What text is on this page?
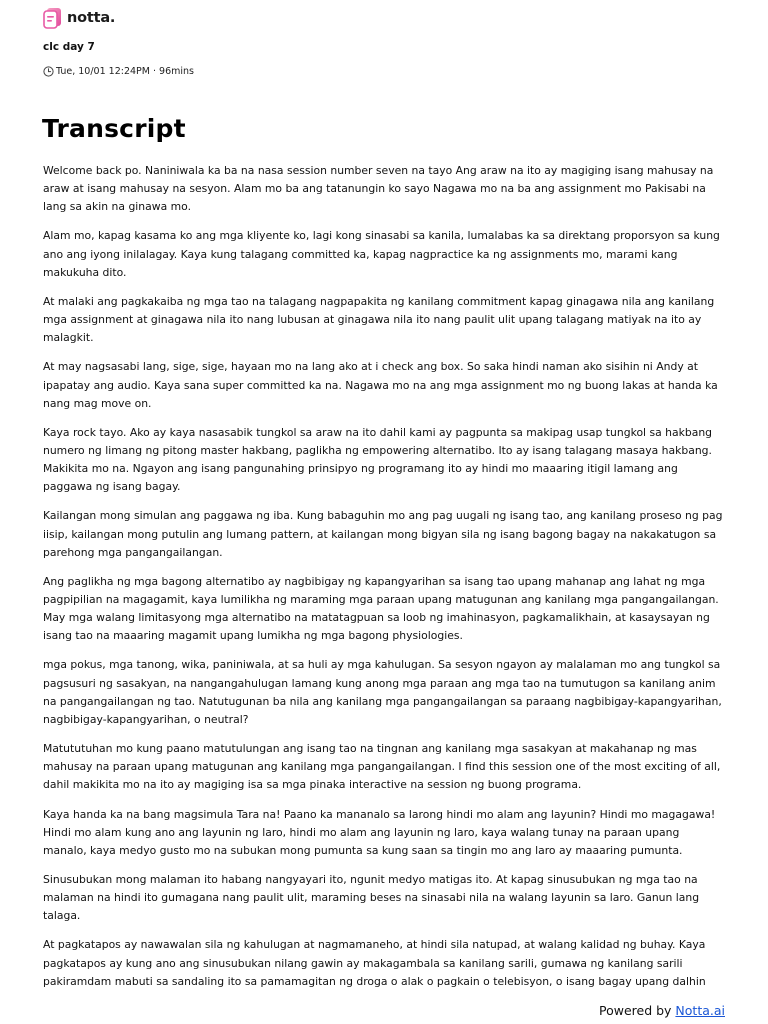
notta.
clc day 7
Tue, 10/01 12:24PM · 96mins
Transcript

Welcome back po. Naniniwala ka ba na nasa session number seven na tayo Ang araw na ito ay magiging isang mahusay na araw at isang mahusay na sesyon. Alam mo ba ang tatanungin ko sayo Nagawa mo na ba ang assignment mo Pakisabi na lang sa akin na ginawa mo.

Alam mo, kapag kasama ko ang mga kliyente ko, lagi kong sinasabi sa kanila, lumalabas ka sa direktang proporsyon sa kung ano ang iyong inilalagay. Kaya kung talagang committed ka, kapag nagpractice ka ng assignments mo, marami kang makukuha dito.

At malaki ang pagkakaiba ng mga tao na talagang nagpapakita ng kanilang commitment kapag ginagawa nila ang kanilang mga assignment at ginagawa nila ito nang lubusan at ginagawa nila ito nang paulit ulit upang talagang matiyak na ito ay malagkit.

At may nagsasabi lang, sige, sige, hayaan mo na lang ako at i check ang box. So saka hindi naman ako sisihin ni Andy at ipapatay ang audio. Kaya sana super committed ka na. Nagawa mo na ang mga assignment mo ng buong lakas at handa ka nang mag move on.

Kaya rock tayo. Ako ay kaya nasasabik tungkol sa araw na ito dahil kami ay pagpunta sa makipag usap tungkol sa hakbang numero ng limang ng pitong master hakbang, paglikha ng empowering alternatibo. Ito ay isang talagang masaya hakbang. Makikita mo na. Ngayon ang isang pangunahing prinsipyo ng programang ito ay hindi mo maaaring itigil lamang ang paggawa ng isang bagay.

Kailangan mong simulan ang paggawa ng iba. Kung babaguhin mo ang pag uugali ng isang tao, ang kanilang proseso ng pag iisip, kailangan mong putulin ang lumang pattern, at kailangan mong bigyan sila ng isang bagong bagay na nakakatugon sa parehong mga pangangailangan.

Ang paglikha ng mga bagong alternatibo ay nagbibigay ng kapangyarihan sa isang tao upang mahanap ang lahat ng mga pagpipilian na magagamit, kaya lumilikha ng maraming mga paraan upang matugunan ang kanilang mga pangangailangan. May mga walang limitasyong mga alternatibo na matatagpuan sa loob ng imahinasyon, pagkamalikhain, at kasaysayan ng isang tao na maaaring magamit upang lumikha ng mga bagong physiologies.

mga pokus, mga tanong, wika, paniniwala, at sa huli ay mga kahulugan. Sa sesyon ngayon ay malalaman mo ang tungkol sa pagsusuri ng sasakyan, na nangangahulugan lamang kung anong mga paraan ang mga tao na tumutugon sa kanilang anim na pangangailangan ng tao. Natutugunan ba nila ang kanilang mga pangangailangan sa paraang nagbibigay-kapangyarihan, nagbibigay-kapangyarihan, o neutral?

Matututuhan mo kung paano matutulungan ang isang tao na tingnan ang kanilang mga sasakyan at makahanap ng mas mahusay na paraan upang matugunan ang kanilang mga pangangailangan. I find this session one of the most exciting of all, dahil makikita mo na ito ay magiging isa sa mga pinaka interactive na session ng buong programa.

Kaya handa ka na bang magsimula Tara na! Paano ka mananalo sa larong hindi mo alam ang layunin? Hindi mo magagawa! Hindi mo alam kung ano ang layunin ng laro, hindi mo alam ang layunin ng laro, kaya walang tunay na paraan upang manalo, kaya medyo gusto mo na subukan mong pumunta sa kung saan sa tingin mo ang laro ay maaaring pumunta.

Sinusubukan mong malaman ito habang nangyayari ito, ngunit medyo matigas ito. At kapag sinusubukan ng mga tao na malaman na hindi ito gumagana nang paulit ulit, maraming beses na sinasabi nila na walang layunin sa laro. Ganun lang talaga.

At pagkatapos ay nawawalan sila ng kahulugan at nagmamaneho, at hindi sila natupad, at walang kalidad ng buhay. Kaya pagkatapos ay kung ano ang sinusubukan nilang gawin ay makagambala sa kanilang sarili, gumawa ng kanilang sarili pakiramdam mabuti sa sandaling ito sa pamamagitan ng droga o alak o pagkain o telebisyon, o isang bagay upang dalhin

Powered by Notta.ai
